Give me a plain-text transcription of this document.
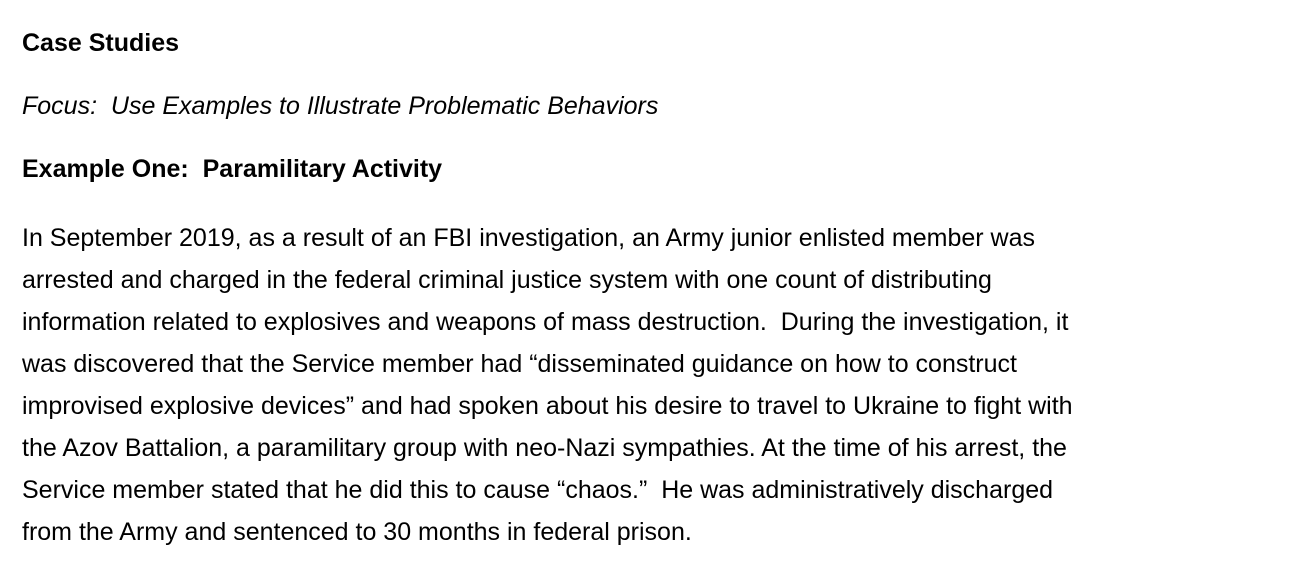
Case Studies
Focus:  Use Examples to Illustrate Problematic Behaviors
Example One:  Paramilitary Activity
In September 2019, as a result of an FBI investigation, an Army junior enlisted member was
arrested and charged in the federal criminal justice system with one count of distributing
information related to explosives and weapons of mass destruction.  During the investigation, it
was discovered that the Service member had “disseminated guidance on how to construct
improvised explosive devices” and had spoken about his desire to travel to Ukraine to fight with
the Azov Battalion, a paramilitary group with neo-Nazi sympathies. At the time of his arrest, the
Service member stated that he did this to cause “chaos.”  He was administratively discharged
from the Army and sentenced to 30 months in federal prison.
